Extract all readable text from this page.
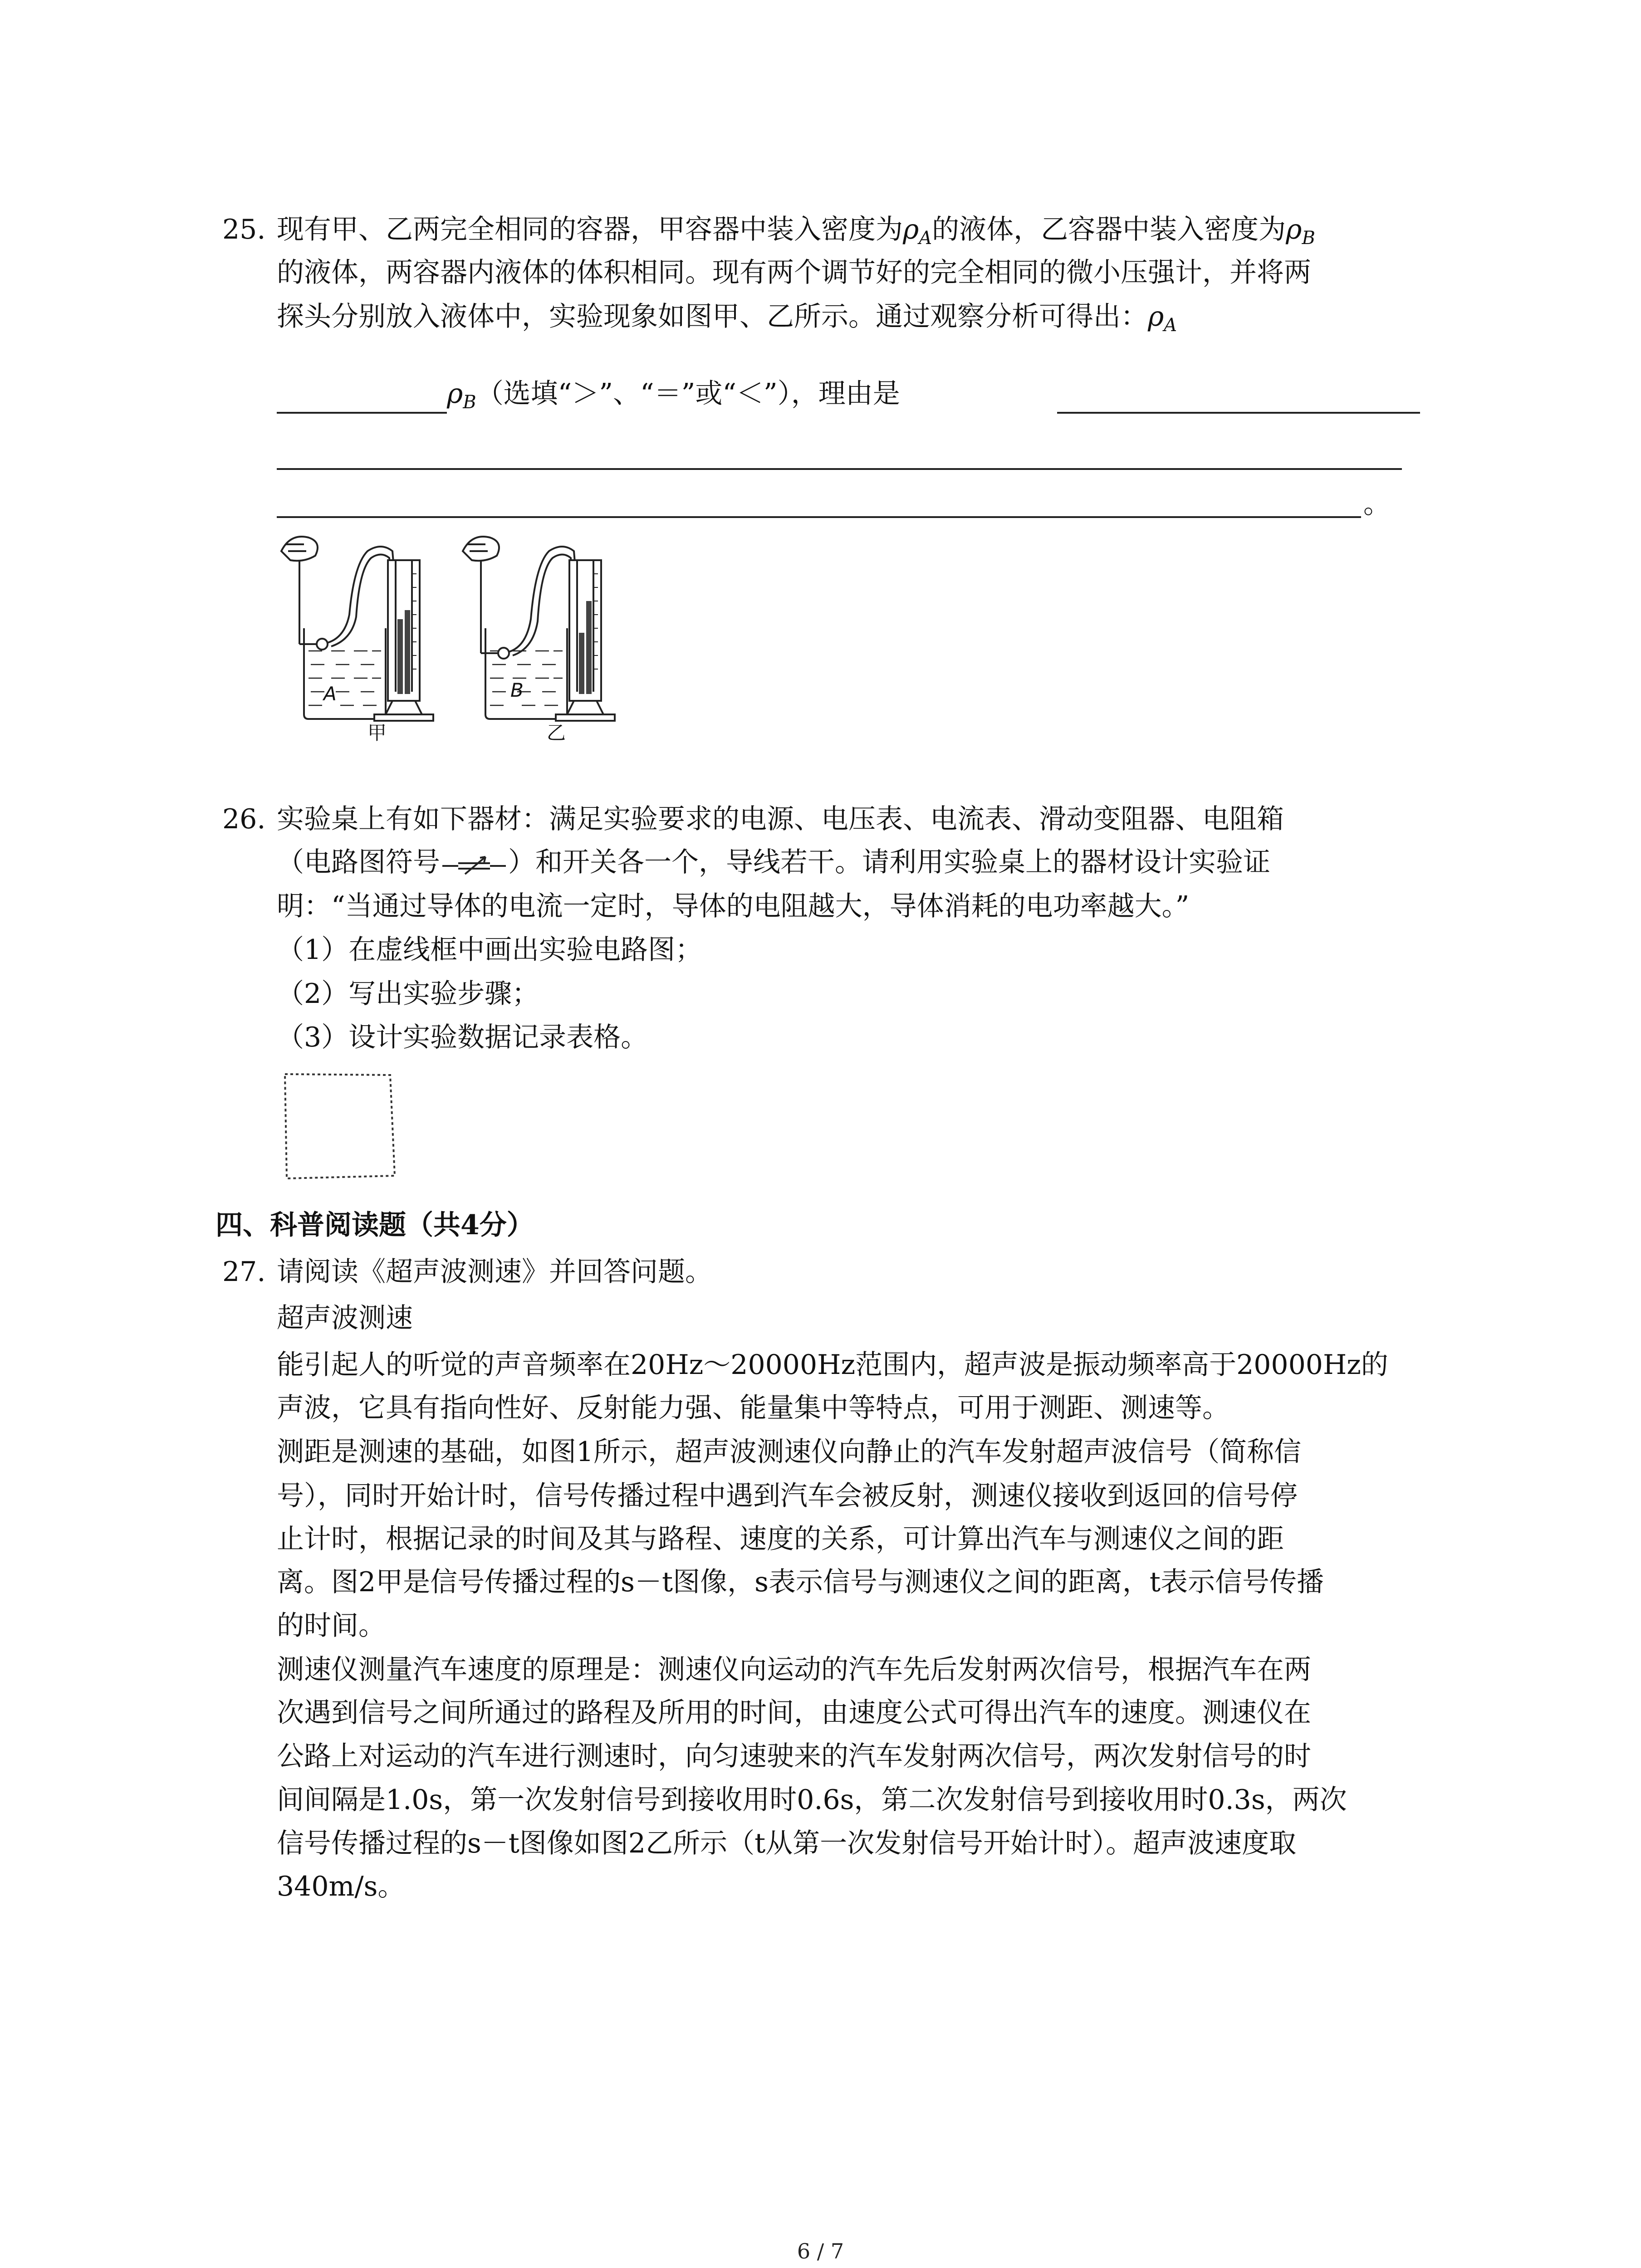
25. 现有甲、乙两完全相同的容器，甲容器中装入密度为$\rho_A$的液体，乙容器中装入密度为$\rho_B$
的液体，两容器内液体的体积相同。现有两个调节好的完全相同的微小压强计，并将两
探头分别放入液体中，实验现象如图甲、乙所示。通过观察分析可得出：$\rho_A$
$\rho_B$（选填“＞”、“＝”或“＜”），理由是
。
A	B
甲	乙
26. 实验桌上有如下器材：满足实验要求的电源、电压表、电流表、滑动变阻器、电阻箱
（电路图符号	）和开关各一个，导线若干。请利用实验桌上的器材设计实验证
明：“当通过导体的电流一定时，导体的电阻越大，导体消耗的电功率越大。”
（1）在虚线框中画出实验电路图；
（2）写出实验步骤；
（3）设计实验数据记录表格。
四、科普阅读题（共4分）
27. 请阅读《超声波测速》并回答问题。
超声波测速
能引起人的听觉的声音频率在20Hz～20000Hz范围内，超声波是振动频率高于20000Hz的
声波，它具有指向性好、反射能力强、能量集中等特点，可用于测距、测速等。
测距是测速的基础，如图1所示，超声波测速仪向静止的汽车发射超声波信号（简称信
号），同时开始计时，信号传播过程中遇到汽车会被反射，测速仪接收到返回的信号停
止计时，根据记录的时间及其与路程、速度的关系，可计算出汽车与测速仪之间的距
离。图2甲是信号传播过程的s－t图像，s表示信号与测速仪之间的距离，t表示信号传播
的时间。
测速仪测量汽车速度的原理是：测速仪向运动的汽车先后发射两次信号，根据汽车在两
次遇到信号之间所通过的路程及所用的时间，由速度公式可得出汽车的速度。测速仪在
公路上对运动的汽车进行测速时，向匀速驶来的汽车发射两次信号，两次发射信号的时
间间隔是1.0s，第一次发射信号到接收用时0.6s，第二次发射信号到接收用时0.3s，两次
信号传播过程的s－t图像如图2乙所示（t从第一次发射信号开始计时）。超声波速度取
340m/s。
6 / 7
